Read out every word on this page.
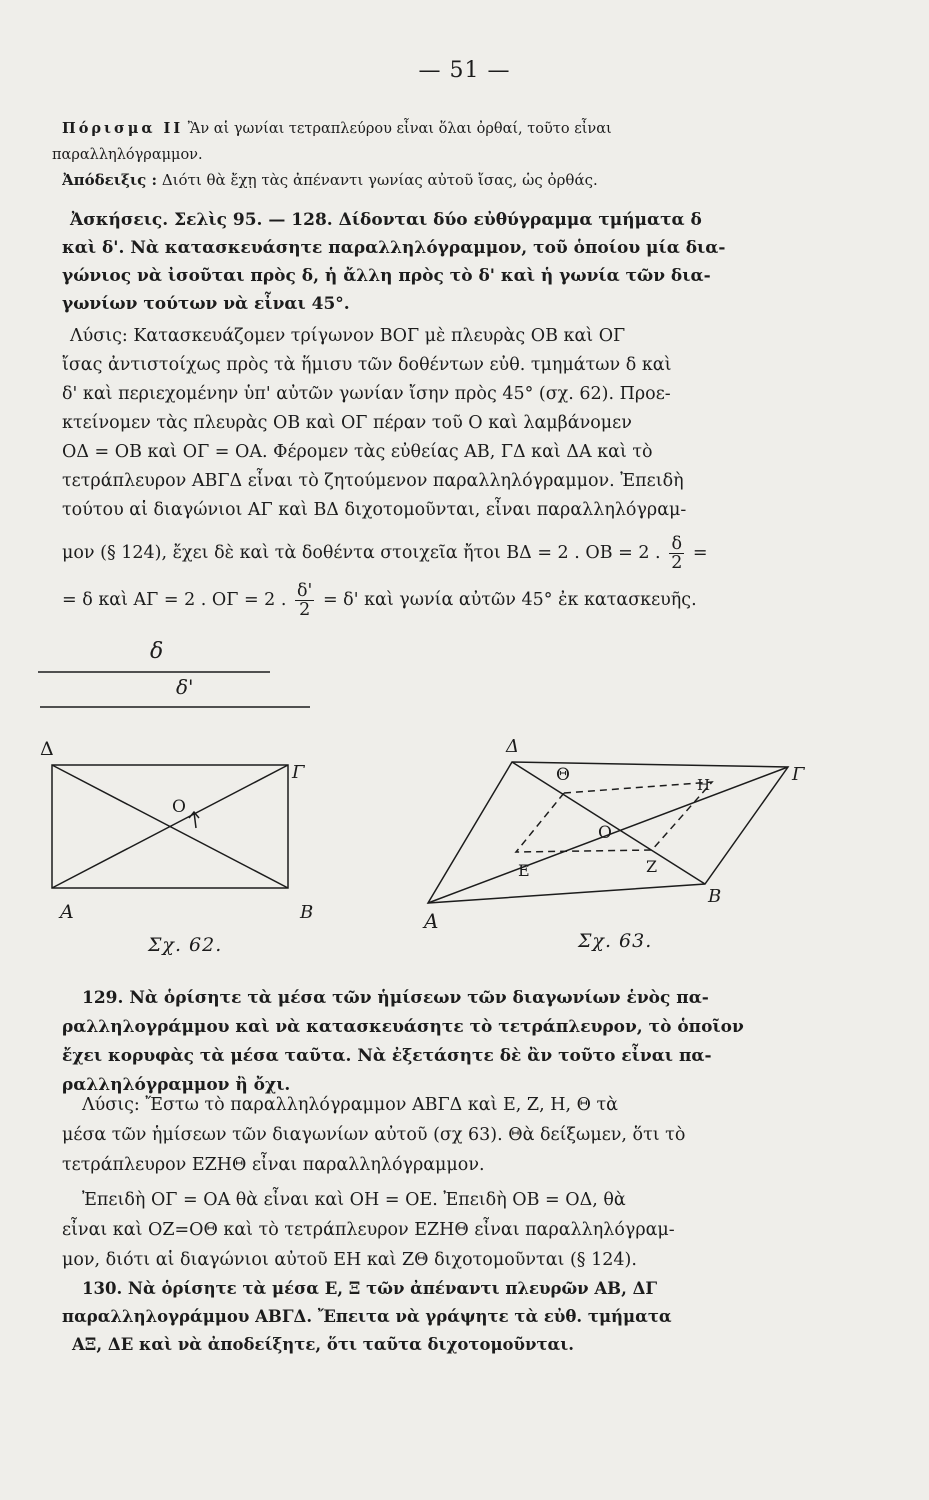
— 51 —
Πόρισμα ΙΙ Ἂν αἱ γωνίαι τετραπλεύρου εἶναι ὅλαι ὀρθαί, τοῦτο εἶναι
παραλληλόγραμμον.
Ἀπόδειξις : Διότι θὰ ἔχῃ τὰς ἀπέναντι γωνίας αὐτοῦ ἴσας, ὡς ὀρθάς.
Ἀσκήσεις. Σελὶς 95. — 128. Δίδονται δύο εὐθύγραμμα τμήματα δ
καὶ δ'. Νὰ κατασκευάσητε παραλληλόγραμμον, τοῦ ὁποίου μία δια-
γώνιος νὰ ἰσοῦται πρὸς δ, ἡ ἄλλη πρὸς τὸ δ' καὶ ἡ γωνία τῶν δια-
γωνίων τούτων νὰ εἶναι 45°.
Λύσις: Κατασκευάζομεν τρίγωνον ΒΟΓ μὲ πλευρὰς ΟΒ καὶ ΟΓ
ἴσας ἀντιστοίχως πρὸς τὰ ἥμισυ τῶν δοθέντων εὐθ. τμημάτων δ καὶ
δ' καὶ περιεχομένην ὑπ' αὐτῶν γωνίαν ἴσην πρὸς 45° (σχ. 62). Προε-
κτείνομεν τὰς πλευρὰς ΟΒ καὶ ΟΓ πέραν τοῦ Ο καὶ λαμβάνομεν
ΟΔ = ΟΒ καὶ ΟΓ = ΟΑ. Φέρομεν τὰς εὐθείας ΑΒ, ΓΔ καὶ ΔΑ καὶ τὸ
τετράπλευρον ΑΒΓΔ εἶναι τὸ ζητούμενον παραλληλόγραμμον. Ἐπειδὴ
τούτου αἱ διαγώνιοι ΑΓ καὶ ΒΔ διχοτομοῦνται, εἶναι παραλληλόγραμ-
μον (§ 124), ἔχει δὲ καὶ τὰ δοθέντα στοιχεῖα ἤτοι ΒΔ = 2 . ΟΒ = 2 . $\frac{\delta}{2}$ =
= δ καὶ ΑΓ = 2 . ΟΓ = 2 . $\frac{\delta'}{2} = \delta'$ καὶ γωνία αὐτῶν 45° ἐκ κατασκευῆς.
δ
δ'
Δ
Γ
Ο
Α	Β
Δ
Γ
Θ	Η
Ο
Ε	Ζ
Α
Β
Σχ. 62.	Σχ. 63.
129. Νὰ ὁρίσητε τὰ μέσα τῶν ἡμίσεων τῶν διαγωνίων ἑνὸς πα-
ραλληλογράμμου καὶ νὰ κατασκευάσητε τὸ τετράπλευρον, τὸ ὁποῖον
ἔχει κορυφὰς τὰ μέσα ταῦτα. Νὰ ἐξετάσητε δὲ ἂν τοῦτο εἶναι πα-
ραλληλόγραμμον ἢ ὄχι.
Λύσις: Ἔστω τὸ παραλληλόγραμμον ΑΒΓΔ καὶ Ε, Ζ, Η, Θ τὰ
μέσα τῶν ἡμίσεων τῶν διαγωνίων αὐτοῦ (σχ 63). Θὰ δείξωμεν, ὅτι τὸ
τετράπλευρον ΕΖΗΘ εἶναι παραλληλόγραμμον.
Ἐπειδὴ ΟΓ = ΟΑ θὰ εἶναι καὶ ΟΗ = ΟΕ. Ἐπειδὴ ΟΒ = ΟΔ, θὰ
εἶναι καὶ ΟΖ=ΟΘ καὶ τὸ τετράπλευρον ΕΖΗΘ εἶναι παραλληλόγραμ-
μον, διότι αἱ διαγώνιοι αὐτοῦ ΕΗ καὶ ΖΘ διχοτομοῦνται (§ 124).
130. Νὰ ὁρίσητε τὰ μέσα Ε, Ξ τῶν ἀπέναντι πλευρῶν ΑΒ, ΔΓ
παραλληλογράμμου ΑΒΓΔ. Ἔπειτα νὰ γράψητε τὰ εὐθ. τμήματα
ΑΞ, ΔΕ καὶ νὰ ἀποδείξητε, ὅτι ταῦτα διχοτομοῦνται.
